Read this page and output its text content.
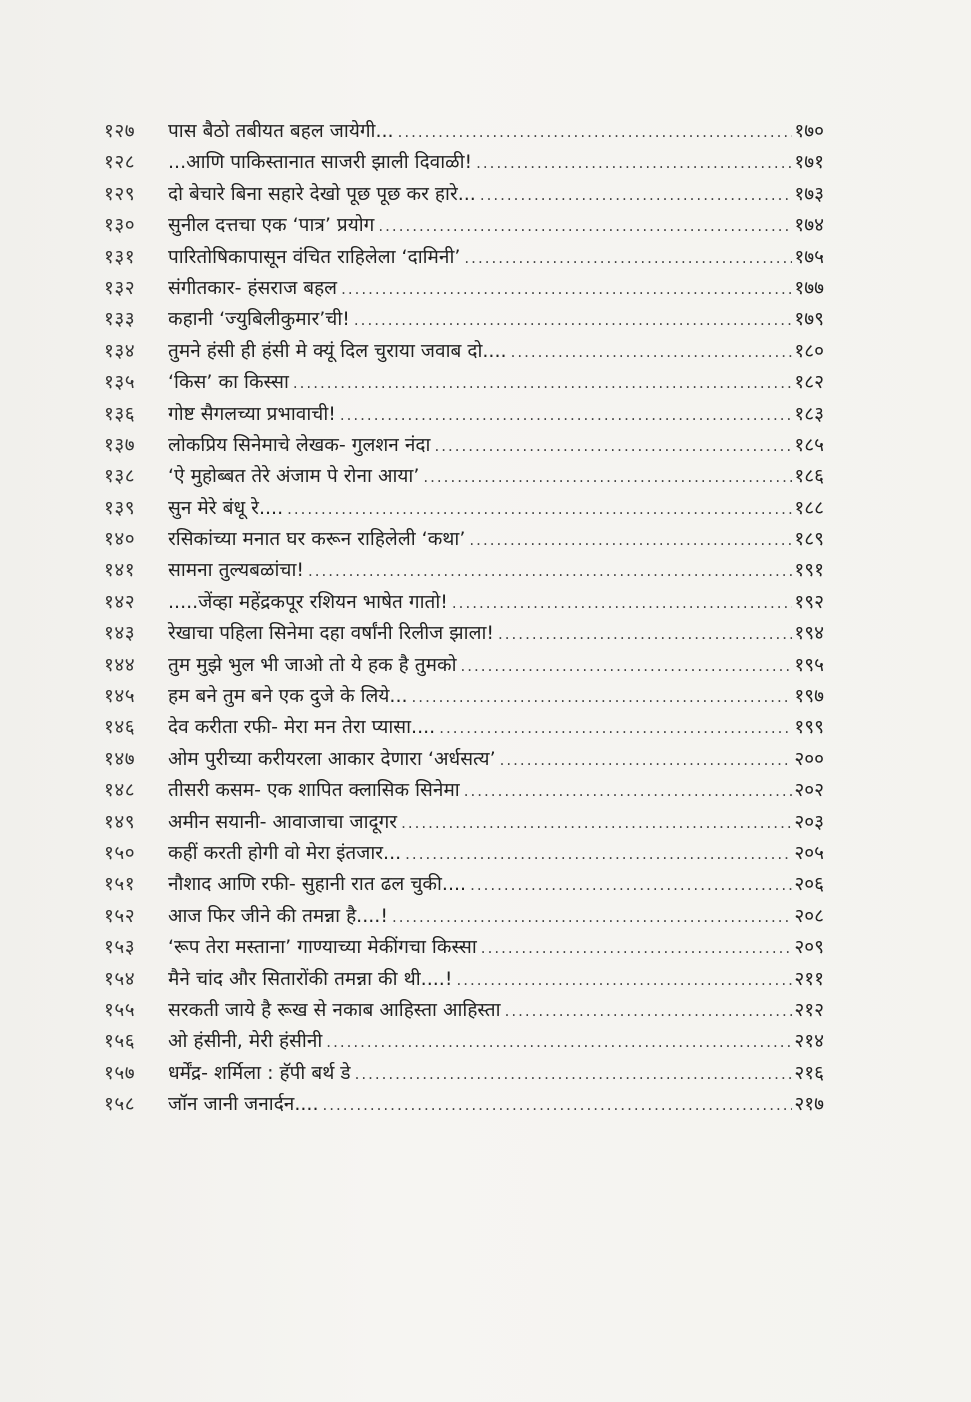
१२७	पास बैठो तबीयत बहल जायेगी... .....	१७०
१२८	...आणि पाकिस्तानात साजरी झाली दिवाळी! .....	१७१
१२९	दो बेचारे बिना सहारे देखो पूछ पूछ कर हारे... .....	१७३
१३०	सुनील दत्तचा एक ‘पात्र’ प्रयोग .....	१७४
१३१	पारितोषिकापासून वंचित राहिलेला ‘दामिनी’ .....	१७५
१३२	संगीतकार- हंसराज बहल .....	१७७
१३३	कहानी ‘ज्युबिलीकुमार’ची! .....	१७९
१३४	तुमने हंसी ही हंसी मे क्यूं दिल चुराया जवाब दो.... .....	१८०
१३५	‘किस’ का किस्सा .....	१८२
१३६	गोष्ट सैगलच्या प्रभावाची! .....	१८३
१३७	लोकप्रिय सिनेमाचे लेखक- गुलशन नंदा .....	१८५
१३८	‘ऐ मुहोब्बत तेरे अंजाम पे रोना आया’ .....	१८६
१३९	सुन मेरे बंधू रे.... .....	१८८
१४०	रसिकांच्या मनात घर करून राहिलेली ‘कथा’ .....	१८९
१४१	सामना तुल्यबळांचा! .....	१९१
१४२	.....जेंव्हा महेंद्रकपूर रशियन भाषेत गातो! .....	१९२
१४३	रेखाचा पहिला सिनेमा दहा वर्षांनी रिलीज झाला! .....	१९४
१४४	तुम मुझे भुल भी जाओ तो ये हक है तुमको .....	१९५
१४५	हम बने तुम बने एक दुजे के लिये... .....	१९७
१४६	देव करीता रफी- मेरा मन तेरा प्यासा.... .....	१९९
१४७	ओम पुरीच्या करीयरला आकार देणारा ‘अर्धसत्य’ .....	२००
१४८	तीसरी कसम- एक शापित क्लासिक सिनेमा .....	२०२
१४९	अमीन सयानी- आवाजाचा जादूगर .....	२०३
१५०	कहीं करती होगी वो मेरा इंतजार... .....	२०५
१५१	नौशाद आणि रफी- सुहानी रात ढल चुकी.... .....	२०६
१५२	आज फिर जीने की तमन्ना है....! .....	२०८
१५३	‘रूप तेरा मस्ताना’ गाण्याच्या मेकींगचा किस्सा .....	२०९
१५४	मैने चांद और सितारोंकी तमन्ना की थी....! .....	२११
१५५	सरकती जाये है रूख से नकाब आहिस्ता आहिस्ता .....	२१२
१५६	ओ हंसीनी, मेरी हंसीनी .....	२१४
१५७	धर्मेंद्र- शर्मिला : हॅपी बर्थ डे .....	२१६
१५८	जॉन जानी जनार्दन.... .....	२१७
